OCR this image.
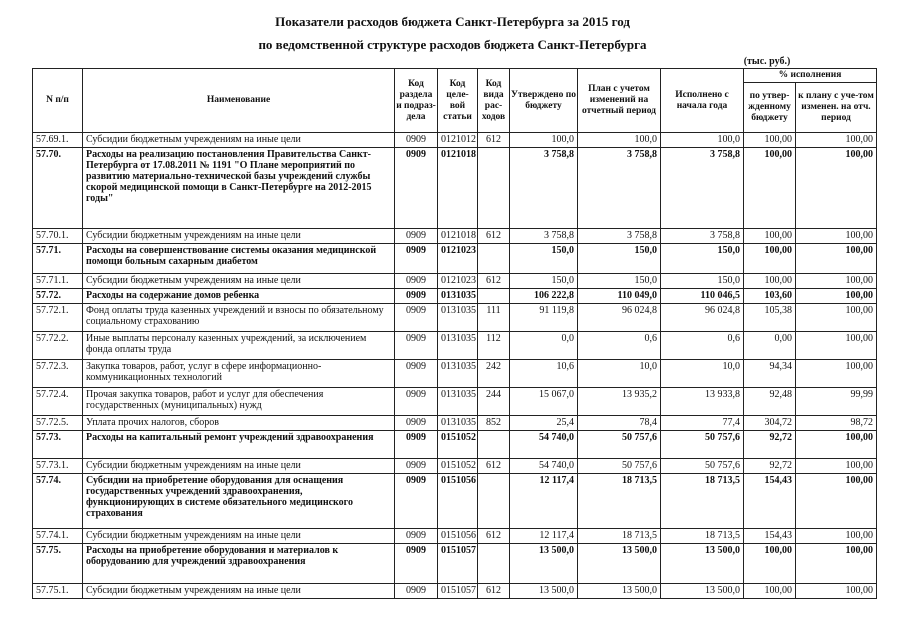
Показатели расходов бюджета Санкт-Петербурга за 2015 год
по ведомственной структуре расходов бюджета Санкт-Петербурга
(тыс. руб.)
N п/п	Наименование	Код раздела и подраз-дела	Код целе-вой статьи	Код вида рас-ходов	Утверждено по бюджету	План с учетом изменений на отчетный период	Исполнено с начала года	% исполнения	
								по утвер-жденному бюджету	к плану с уче-том изменен. на отч. период
57.69.1.	Субсидии бюджетным учреждениям на иные цели	0909	0121012	612	100,0	100,0	100,0	100,00	100,00
57.70.	Расходы на реализацию постановления Правительства Санкт-Петербурга от 17.08.2011 № 1191 "О Плане мероприятий по развитию материально-технической базы учреждений службы скорой медицинской помощи в Санкт-Петербурге на 2012-2015 годы"	0909	0121018		3 758,8	3 758,8	3 758,8	100,00	100,00
57.70.1.	Субсидии бюджетным учреждениям на иные цели	0909	0121018	612	3 758,8	3 758,8	3 758,8	100,00	100,00
57.71.	Расходы на совершенствование системы оказания медицинской помощи больным сахарным диабетом	0909	0121023		150,0	150,0	150,0	100,00	100,00
57.71.1.	Субсидии бюджетным учреждениям на иные цели	0909	0121023	612	150,0	150,0	150,0	100,00	100,00
57.72.	Расходы на содержание домов ребенка	0909	0131035		106 222,8	110 049,0	110 046,5	103,60	100,00
57.72.1.	Фонд оплаты труда казенных учреждений и взносы по обязательному социальному страхованию	0909	0131035	111	91 119,8	96 024,8	96 024,8	105,38	100,00
57.72.2.	Иные выплаты персоналу казенных учреждений, за исключением фонда оплаты труда	0909	0131035	112	0,0	0,6	0,6	0,00	100,00
57.72.3.	Закупка товаров, работ, услуг в сфере информационно-коммуникационных технологий	0909	0131035	242	10,6	10,0	10,0	94,34	100,00
57.72.4.	Прочая закупка товаров, работ и услуг для обеспечения государственных (муниципальных) нужд	0909	0131035	244	15 067,0	13 935,2	13 933,8	92,48	99,99
57.72.5.	Уплата прочих налогов, сборов	0909	0131035	852	25,4	78,4	77,4	304,72	98,72
57.73.	Расходы на капитальный ремонт учреждений здравоохранения	0909	0151052		54 740,0	50 757,6	50 757,6	92,72	100,00
57.73.1.	Субсидии бюджетным учреждениям на иные цели	0909	0151052	612	54 740,0	50 757,6	50 757,6	92,72	100,00
57.74.	Субсидии на приобретение оборудования для оснащения государственных учреждений здравоохранения, функционирующих в системе обязательного медицинского страхования	0909	0151056		12 117,4	18 713,5	18 713,5	154,43	100,00
57.74.1.	Субсидии бюджетным учреждениям на иные цели	0909	0151056	612	12 117,4	18 713,5	18 713,5	154,43	100,00
57.75.	Расходы на приобретение оборудования и материалов к оборудованию для учреждений здравоохранения	0909	0151057		13 500,0	13 500,0	13 500,0	100,00	100,00
57.75.1.	Субсидии бюджетным учреждениям на иные цели	0909	0151057	612	13 500,0	13 500,0	13 500,0	100,00	100,00
